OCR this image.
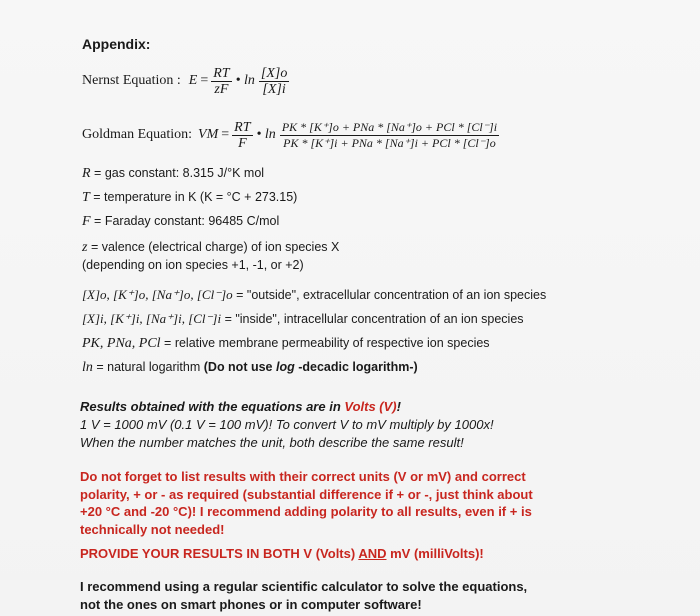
Appendix:
Nernst Equation : $E = \frac{RT}{zF}$ • $\ln \frac{[X]o}{[X]i}$
Goldman Equation: VM = $\frac{RT}{F}$ • $\ln \frac{\text{PK * [K⁺]o + PNa * [Na⁺]o + PCl * [Cl⁻]i}}{\text{PK * [K⁺]i + PNa * [Na⁺]i + PCl * [Cl⁻]o}}$
R = gas constant: 8.315 J/°K mol
T = temperature in K (K = °C + 273.15)
F = Faraday constant: 96485 C/mol
z = valence (electrical charge) of ion species X
(depending on ion species +1, -1, or +2)
[X]o, [K⁺]o, [Na⁺]o, [Cl⁻]o = "outside", extracellular concentration of an ion species
[X]i, [K⁺]i, [Na⁺]i, [Cl⁻]i = "inside", intracellular concentration of an ion species
PK, PNa, PCl = relative membrane permeability of respective ion species
ln = natural logarithm (Do not use log -decadic logarithm-)
Results obtained with the equations are in Volts (V)!
1 V = 1000 mV (0.1 V = 100 mV)! To convert V to mV multiply by 1000x!
When the number matches the unit, both describe the same result!
Do not forget to list results with their correct units (V or mV) and correct polarity, + or - as required (substantial difference if + or -, just think about +20 °C and -20 °C)! I recommend adding polarity to all results, even if + is technically not needed!
PROVIDE YOUR RESULTS IN BOTH V (Volts) AND mV (milliVolts)!
I recommend using a regular scientific calculator to solve the equations, not the ones on smart phones or in computer software!
